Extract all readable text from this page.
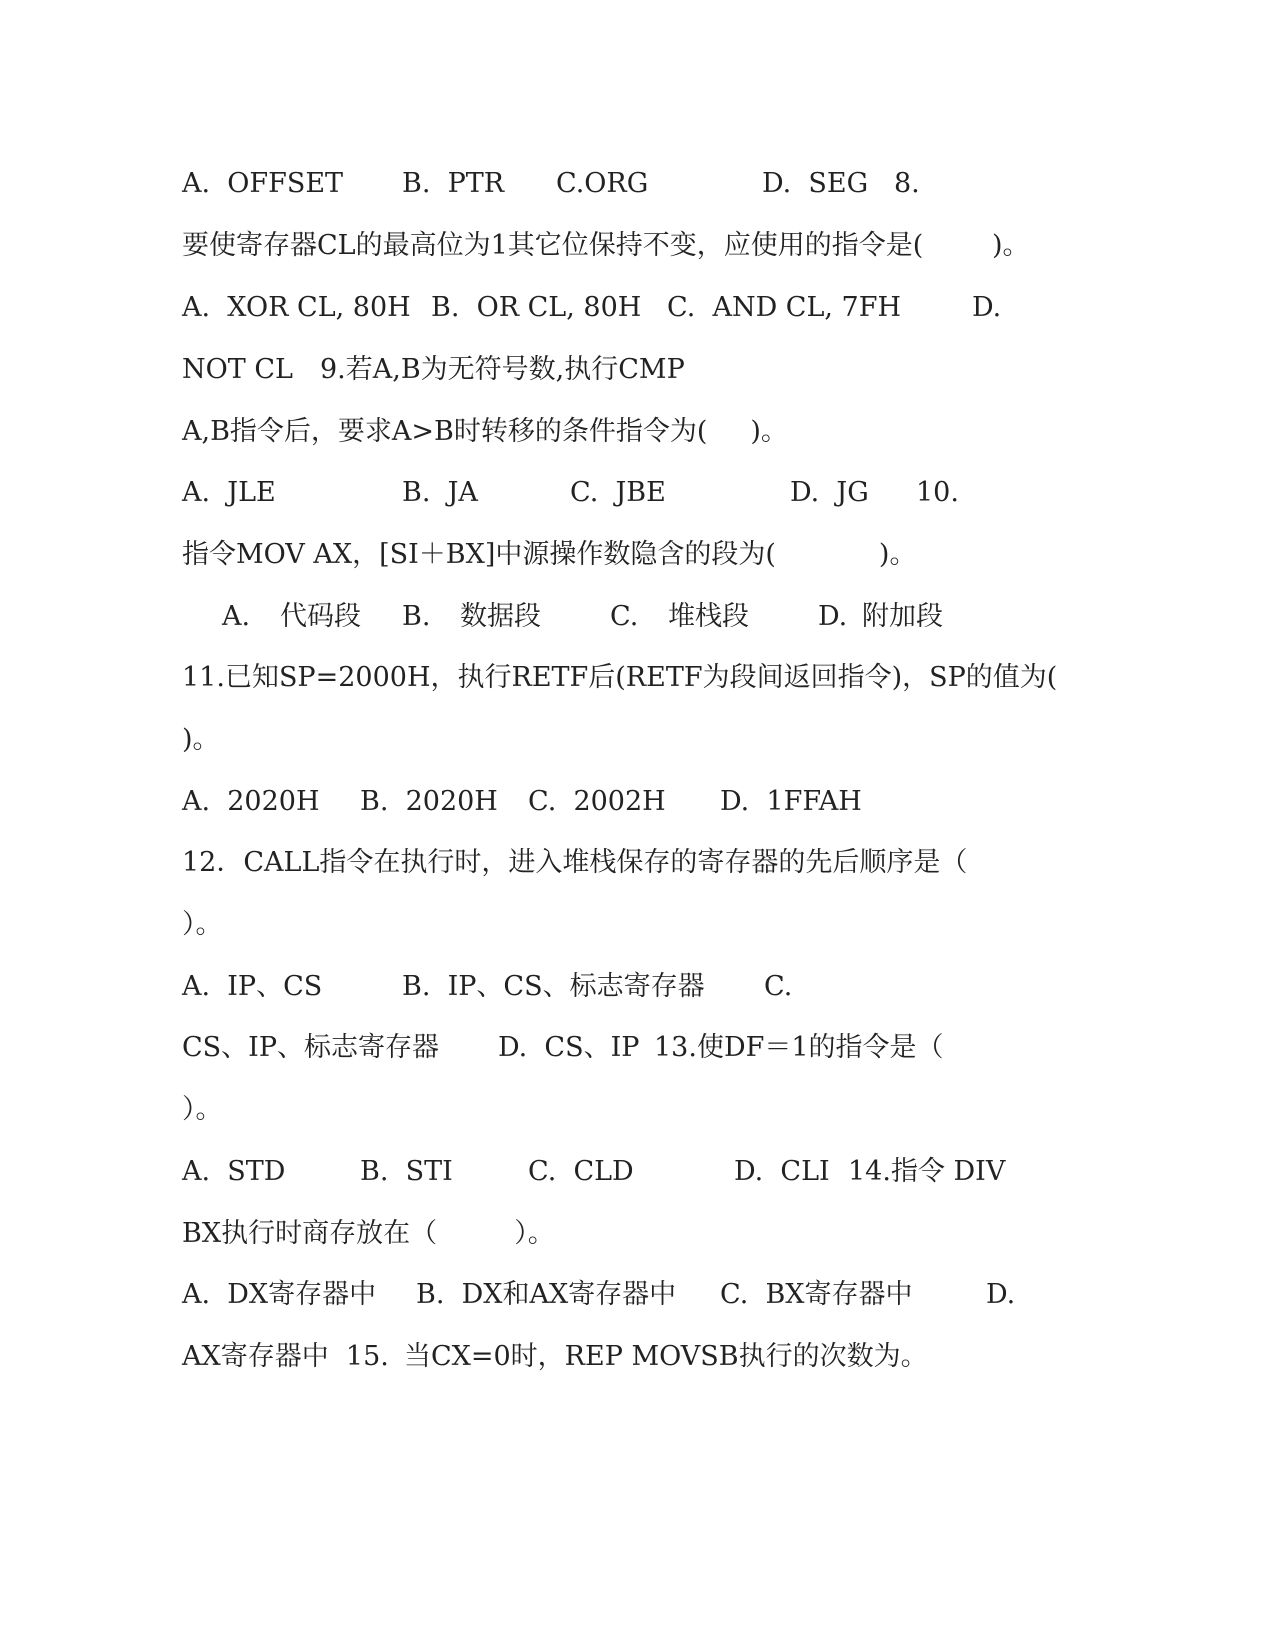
A.  OFFSET

B.  PTR

C.ORG

	D.  SEG   8.

要使寄存器CL的最高位为1其它位保持不变，应使用的指令是(        )。

A.  XOR CL, 80H

B.  OR CL, 80H

C.  AND CL, 7FH

	D.

NOT CL

9.若A,B为无符号数,执行CMP

A,B指令后，要求A>B时转移的条件指令为(     )。

A.  JLE

	B.  JA

	C.  JBE

	D.  JG

10.

指令MOV AX，[SI＋BX]中源操作数隐含的段为(            )。

A.

代码段

B.

数据段

	C.

堆栈段

	D.

附加段

11.已知SP=2000H，执行RETF后(RETF为段间返回指令)，SP的值为(

)。

A.  2020H

B.  2020H

C.  2002H

D.  1FFAH

12．CALL指令在执行时，进入堆栈保存的寄存器的先后顺序是（

）。

A.  IP、CS

	B.  IP、CS、标志寄存器

C.

CS、IP、标志寄存器

D.  CS、IP

13.使DF＝1的指令是（

）。

A.  STD

	B.  STI

	C.  CLD

	D.  CLI

14.指令 DIV

BX执行时商存放在（         ）。

A.  DX寄存器中

B.  DX和AX寄存器中

C.  BX寄存器中

	D.

AX寄存器中  15.

当CX=0时，REP MOVSB执行的次数为。
